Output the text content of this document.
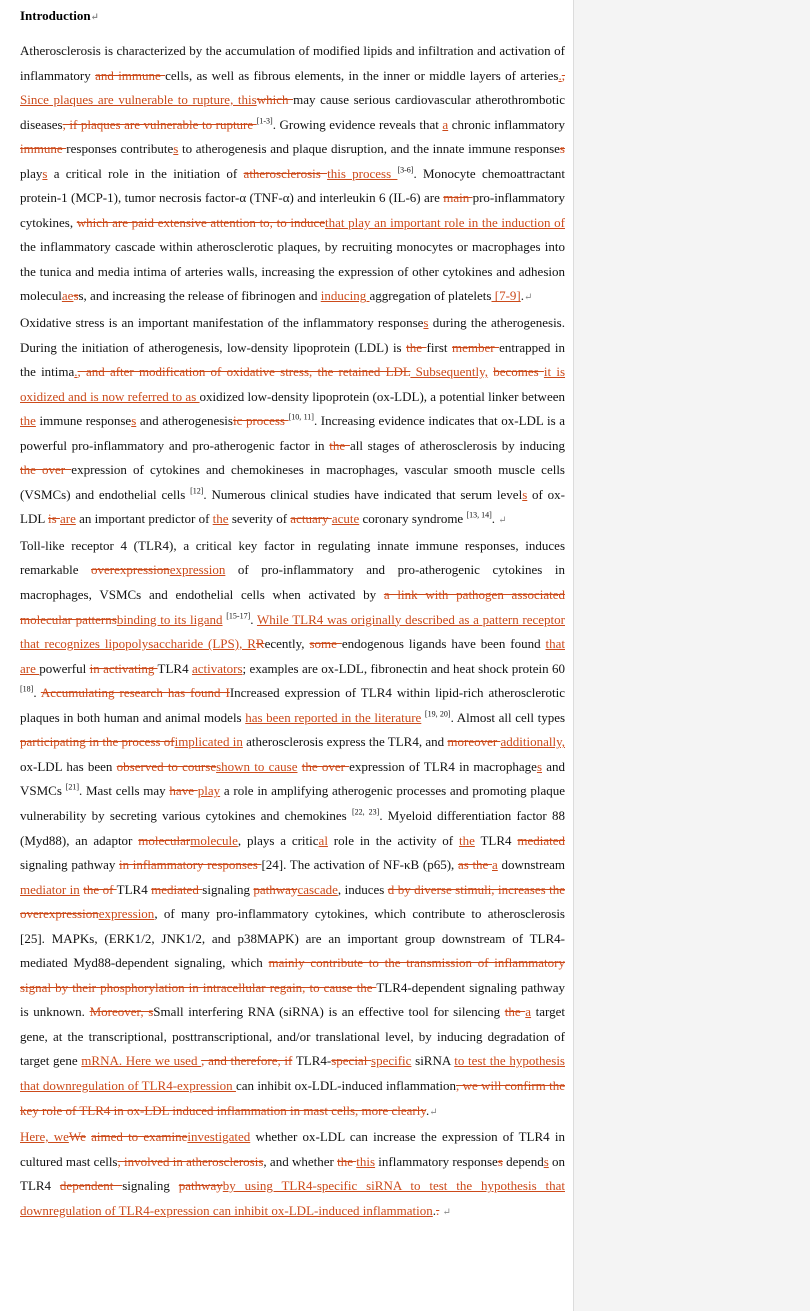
Introduction↵

Atherosclerosis is characterized by the accumulation of modified lipids and infiltration and activation of inflammatory and immune cells, as well as fibrous elements, in the inner or middle layers of arteries., Since plaques are vulnerable to rupture, thiswhich may cause serious cardiovascular atherothrombotic diseases, if plaques are vulnerable to rupture [1-3]. Growing evidence reveals that a chronic inflammatory immune responses contributes to atherogenesis and plaque disruption, and the innate immune responses plays a critical role in the initiation of atherosclerosis this process [3-6]. Monocyte chemoattractant protein-1 (MCP-1), tumor necrosis factor-α (TNF-α) and interleukin 6 (IL-6) are main pro-inflammatory cytokines, which are paid extensive attention to, to inducethat play an important role in the induction of the inflammatory cascade within atherosclerotic plaques, by recruiting monocytes or macrophages into the tunica and media intima of arteries walls, increasing the expression of other cytokines and adhesion moleculaess, and increasing the release of fibrinogen and inducing aggregation of platelets [7-9].↵

Oxidative stress is an important manifestation of the inflammatory responses during the atherogenesis. During the initiation of atherogenesis, low-density lipoprotein (LDL) is the first member entrapped in the intima., and after modification of oxidative stress, the retained LDL Subsequently, becomes it is oxidized and is now referred to as oxidized low-density lipoprotein (ox-LDL), a potential linker between the immune responses and atherogenesisic process [10, 11]. Increasing evidence indicates that ox-LDL is a powerful pro-inflammatory and pro-atherogenic factor in the all stages of atherosclerosis by inducing the over expression of cytokines and chemokineses in macrophages, vascular smooth muscle cells (VSMCs) and endothelial cells [12]. Numerous clinical studies have indicated that serum levels of ox-LDL is are an important predictor of the severity of actuary acute coronary syndrome [13, 14]. ↵

Toll-like receptor 4 (TLR4), a critical key factor in regulating innate immune responses, induces remarkable overexpressionexpression of pro-inflammatory and pro-atherogenic cytokines in macrophages, VSMCs and endothelial cells when activated by a link with pathogen associated molecular patternsbinding to its ligand [15-17]. While TLR4 was originally described as a pattern receptor that recognizes lipopolysaccharide (LPS), RRecently, some endogenous ligands have been found that are powerful in activating TLR4 activators; examples are ox-LDL, fibronectin and heat shock protein 60 [18]. Accumulating research has found IIncreased expression of TLR4 within lipid-rich atherosclerotic plaques in both human and animal models has been reported in the literature [19, 20]. Almost all cell types participating in the process ofimplicated in atherosclerosis express the TLR4, and moreover additionally, ox-LDL has been observed to courseshown to cause the over expression of TLR4 in macrophages and VSMCs [21]. Mast cells may have play a role in amplifying atherogenic processes and promoting plaque vulnerability by secreting various cytokines and chemokines [22, 23]. Myeloid differentiation factor 88 (Myd88), an adaptor molecularmolecule, plays a critical role in the activity of the TLR4 mediated signaling pathway in inflammatory responses [24]. The activation of NF-κB (p65), as the a downstream mediator in the of TLR4 mediated signaling pathwaycascade, induces d by diverse stimuli, increases the overexpressionexpression, of many pro-inflammatory cytokines, which contribute to atherosclerosis [25]. MAPKs, (ERK1/2, JNK1/2, and p38MAPK) are an important group downstream of TLR4-mediated Myd88-dependent signaling, which mainly contribute to the transmission of inflammatory signal by their phosphorylation in intracellular regain, to cause the TLR4-dependent signaling pathway is unknown. Moreover, sSmall interfering RNA (siRNA) is an effective tool for silencing the a target gene, at the transcriptional, posttranscriptional, and/or translational level, by inducing degradation of target gene mRNA. Here we used , and therefore, if TLR4-special specific siRNA to test the hypothesis that downregulation of TLR4-expression can inhibit ox-LDL-induced inflammation, we will confirm the key role of TLR4 in ox-LDL induced inflammation in mast cells, more clearly.↵

Here, weWe aimed to examineinvestigated whether ox-LDL can increase the expression of TLR4 in cultured mast cells, involved in atherosclerosis, and whether the this inflammatory responses depends on TLR4 dependent signaling pathwayby using TLR4-specific siRNA to test the hypothesis that downregulation of TLR4-expression can inhibit ox-LDL-induced inflammation.. ↵
